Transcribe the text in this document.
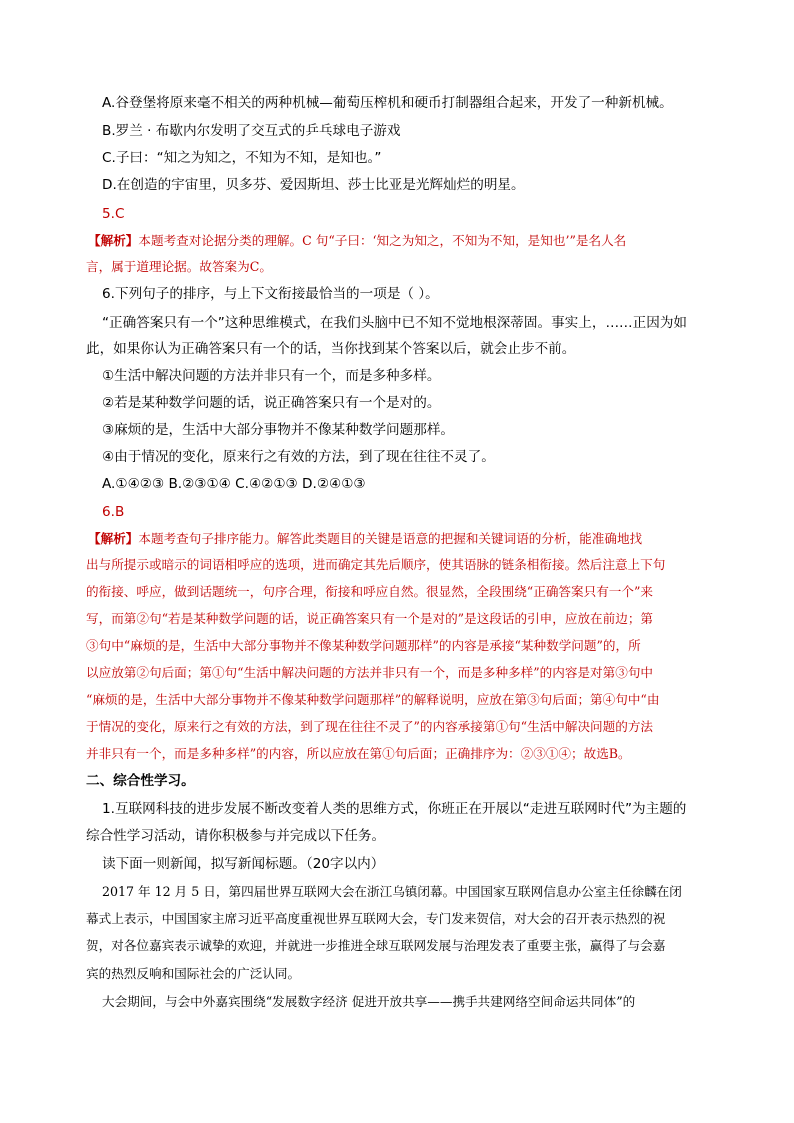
A.谷登堡将原来毫不相关的两种机械—葡萄压榨机和硬币打制器组合起来，开发了一种新机械。

B.罗兰 · 布歇内尔发明了交互式的乒乓球电子游戏

C.子曰：“知之为知之，不知为不知，是知也。”

D.在创造的宇宙里，贝多芬、爱因斯坦、莎士比亚是光辉灿烂的明星。

5.C

【解析】本题考查对论据分类的理解。C 句“子曰：‘知之为知之，不知为不知，是知也’”是名人名

言，属于道理论据。故答案为C。

6.下列句子的排序，与上下文衔接最恰当的一项是（ ）。

“正确答案只有一个”这种思维模式，在我们头脑中已不知不觉地根深蒂固。事实上，……正因为如

此，如果你认为正确答案只有一个的话，当你找到某个答案以后，就会止步不前。

①生活中解决问题的方法并非只有一个，而是多种多样。

②若是某种数学问题的话，说正确答案只有一个是对的。

③麻烦的是，生活中大部分事物并不像某种数学问题那样。

④由于情况的变化，原来行之有效的方法，到了现在往往不灵了。

A.①④②③ B.②③①④ C.④②①③ D.②④①③

6.B

【解析】本题考查句子排序能力。解答此类题目的关键是语意的把握和关键词语的分析，能准确地找

出与所提示或暗示的词语相呼应的选项，进而确定其先后顺序，使其语脉的链条相衔接。然后注意上下句

的衔接、呼应，做到话题统一，句序合理，衔接和呼应自然。很显然，全段围绕“正确答案只有一个”来

写，而第②句“若是某种数学问题的话，说正确答案只有一个是对的”是这段话的引申，应放在前边；第

③句中“麻烦的是，生活中大部分事物并不像某种数学问题那样”的内容是承接“某种数学问题”的，所

以应放第②句后面；第①句“生活中解决问题的方法并非只有一个，而是多种多样”的内容是对第③句中

“麻烦的是，生活中大部分事物并不像某种数学问题那样”的解释说明，应放在第③句后面；第④句中“由

于情况的变化，原来行之有效的方法，到了现在往往不灵了”的内容承接第①句“生活中解决问题的方法

并非只有一个，而是多种多样”的内容，所以应放在第①句后面；正确排序为：②③①④；故选B。

二、综合性学习。

1.互联网科技的进步发展不断改变着人类的思维方式，你班正在开展以“走进互联网时代”为主题的

综合性学习活动，请你积极参与并完成以下任务。

读下面一则新闻，拟写新闻标题。（20字以内）

2017 年 12 月 5 日，第四届世界互联网大会在浙江乌镇闭幕。中国国家互联网信息办公室主任徐麟在闭

幕式上表示，中国国家主席习近平高度重视世界互联网大会，专门发来贺信，对大会的召开表示热烈的祝

贺，对各位嘉宾表示诚挚的欢迎，并就进一步推进全球互联网发展与治理发表了重要主张，赢得了与会嘉

宾的热烈反响和国际社会的广泛认同。

大会期间，与会中外嘉宾围绕“发展数字经济 促进开放共享——携手共建网络空间命运共同体”的
